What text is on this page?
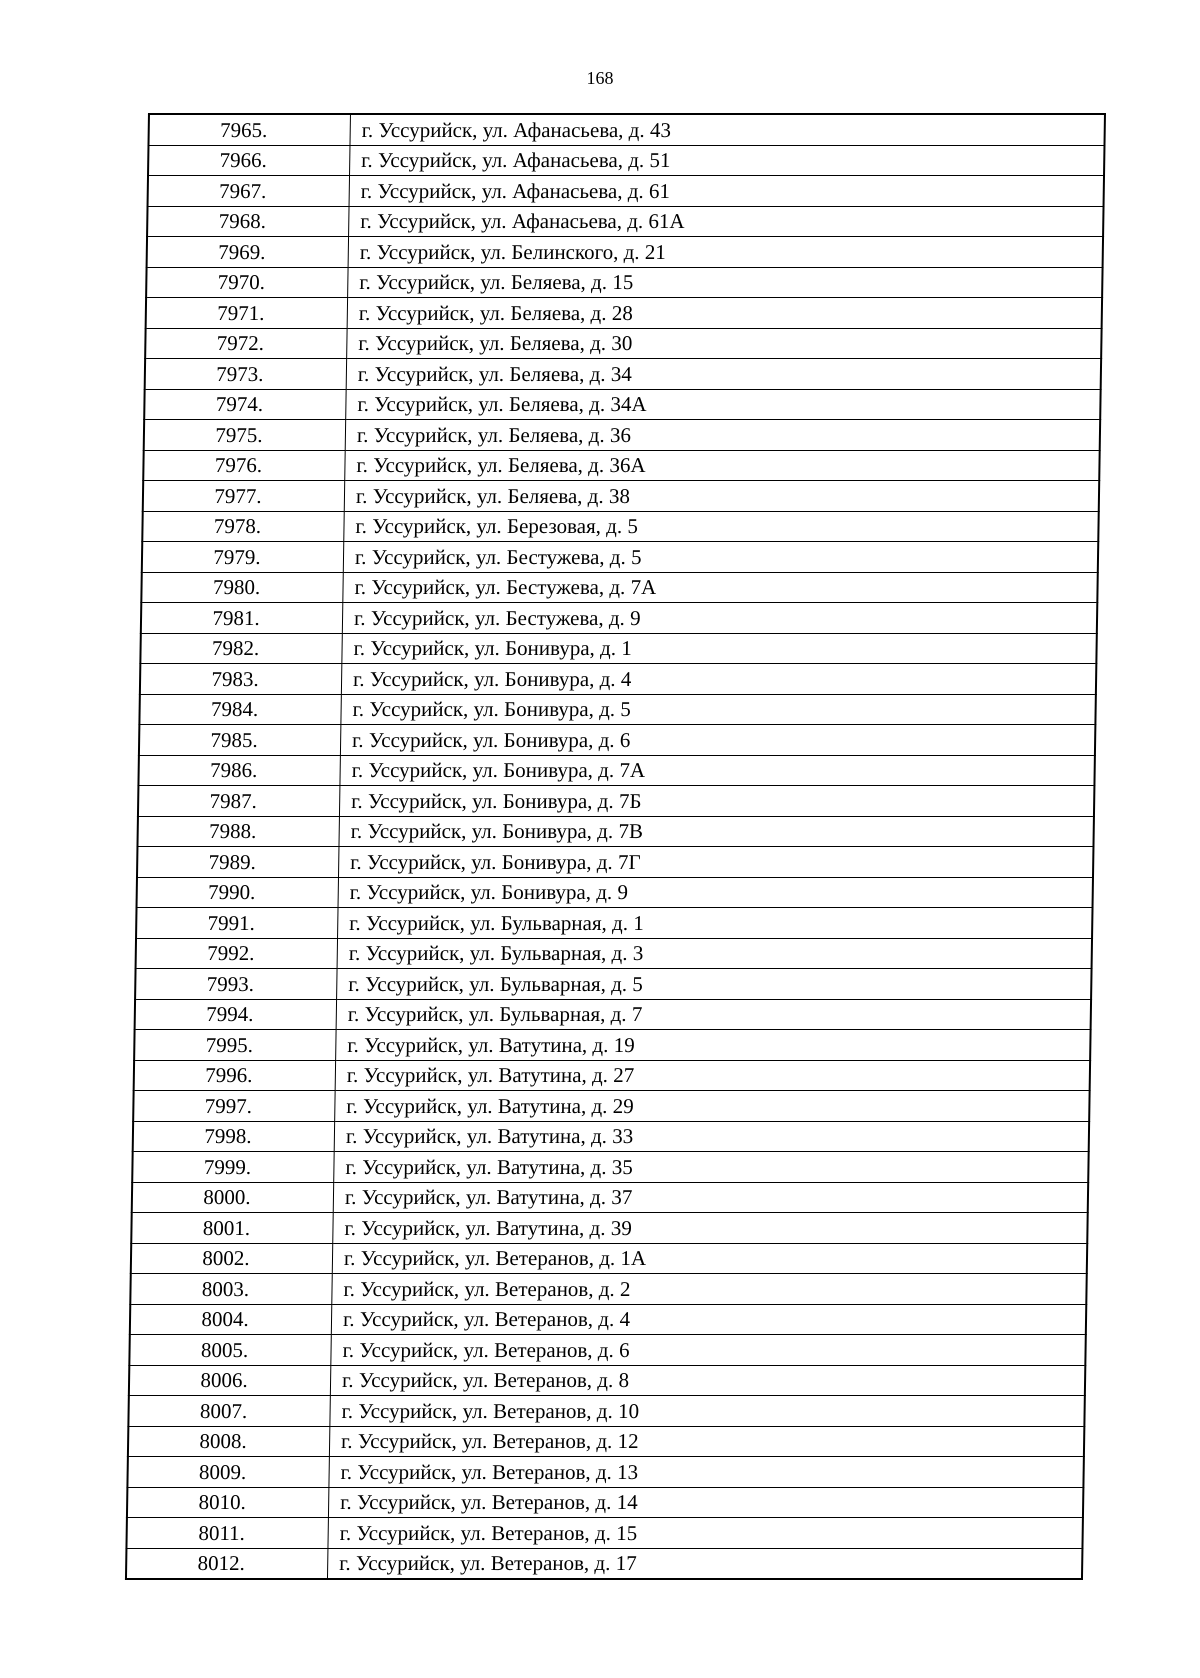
168
7965.	г. Уссурийск, ул. Афанасьева, д. 43
7966.	г. Уссурийск, ул. Афанасьева, д. 51
7967.	г. Уссурийск, ул. Афанасьева, д. 61
7968.	г. Уссурийск, ул. Афанасьева, д. 61А
7969.	г. Уссурийск, ул. Белинского, д. 21
7970.	г. Уссурийск, ул. Беляева, д. 15
7971.	г. Уссурийск, ул. Беляева, д. 28
7972.	г. Уссурийск, ул. Беляева, д. 30
7973.	г. Уссурийск, ул. Беляева, д. 34
7974.	г. Уссурийск, ул. Беляева, д. 34А
7975.	г. Уссурийск, ул. Беляева, д. 36
7976.	г. Уссурийск, ул. Беляева, д. 36А
7977.	г. Уссурийск, ул. Беляева, д. 38
7978.	г. Уссурийск, ул. Березовая, д. 5
7979.	г. Уссурийск, ул. Бестужева, д. 5
7980.	г. Уссурийск, ул. Бестужева, д. 7А
7981.	г. Уссурийск, ул. Бестужева, д. 9
7982.	г. Уссурийск, ул. Бонивура, д. 1
7983.	г. Уссурийск, ул. Бонивура, д. 4
7984.	г. Уссурийск, ул. Бонивура, д. 5
7985.	г. Уссурийск, ул. Бонивура, д. 6
7986.	г. Уссурийск, ул. Бонивура, д. 7А
7987.	г. Уссурийск, ул. Бонивура, д. 7Б
7988.	г. Уссурийск, ул. Бонивура, д. 7В
7989.	г. Уссурийск, ул. Бонивура, д. 7Г
7990.	г. Уссурийск, ул. Бонивура, д. 9
7991.	г. Уссурийск, ул. Бульварная, д. 1
7992.	г. Уссурийск, ул. Бульварная, д. 3
7993.	г. Уссурийск, ул. Бульварная, д. 5
7994.	г. Уссурийск, ул. Бульварная, д. 7
7995.	г. Уссурийск, ул. Ватутина, д. 19
7996.	г. Уссурийск, ул. Ватутина, д. 27
7997.	г. Уссурийск, ул. Ватутина, д. 29
7998.	г. Уссурийск, ул. Ватутина, д. 33
7999.	г. Уссурийск, ул. Ватутина, д. 35
8000.	г. Уссурийск, ул. Ватутина, д. 37
8001.	г. Уссурийск, ул. Ватутина, д. 39
8002.	г. Уссурийск, ул. Ветеранов, д. 1А
8003.	г. Уссурийск, ул. Ветеранов, д. 2
8004.	г. Уссурийск, ул. Ветеранов, д. 4
8005.	г. Уссурийск, ул. Ветеранов, д. 6
8006.	г. Уссурийск, ул. Ветеранов, д. 8
8007.	г. Уссурийск, ул. Ветеранов, д. 10
8008.	г. Уссурийск, ул. Ветеранов, д. 12
8009.	г. Уссурийск, ул. Ветеранов, д. 13
8010.	г. Уссурийск, ул. Ветеранов, д. 14
8011.	г. Уссурийск, ул. Ветеранов, д. 15
8012.	г. Уссурийск, ул. Ветеранов, д. 17
